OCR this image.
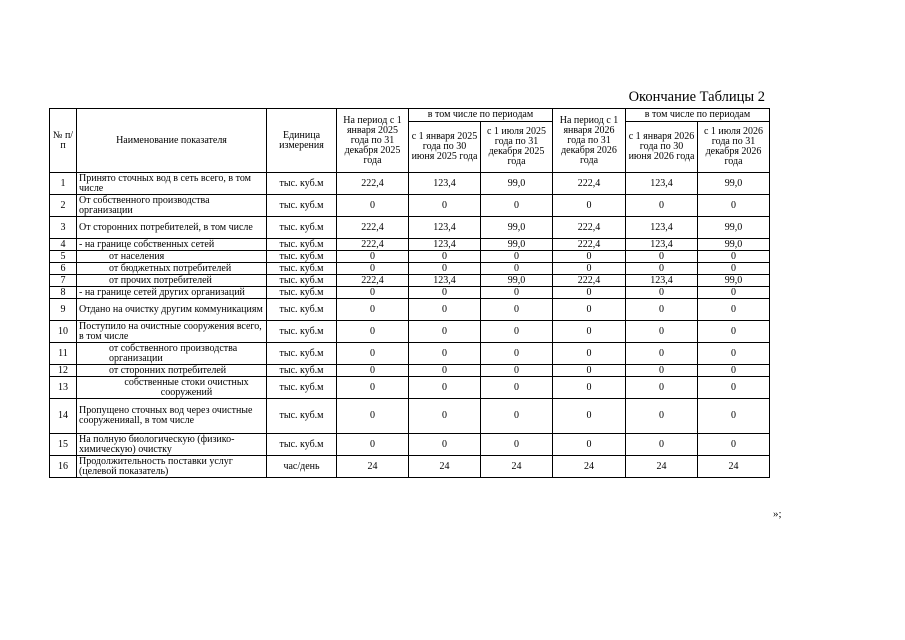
Окончание Таблицы 2
№ п/п	Наименование показателя	Единица измерения	На период с 1 января 2025 года по 31 декабря 2025 года	в том числе по периодам		На период с 1 января 2026 года по 31 декабря 2026 года	в том числе по периодам	
				с 1 января 2025 года по 30 июня 2025 года	с 1 июля 2025 года по 31 декабря 2025 года		с 1 января 2026 года по 30 июня 2026 года	с 1 июля 2026 года по 31 декабря 2026 года
1	Принято сточных вод в сеть всего, в том числе	тыс. куб.м	222,4	123,4	99,0	222,4	123,4	99,0
2	От собственного производства организации	тыс. куб.м	0	0	0	0	0	0
3	От сторонних потребителей, в том числе	тыс. куб.м	222,4	123,4	99,0	222,4	123,4	99,0
4	- на границе собственных сетей	тыс. куб.м	222,4	123,4	99,0	222,4	123,4	99,0
5	от населения	тыс. куб.м	0	0	0	0	0	0
6	от бюджетных потребителей	тыс. куб.м	0	0	0	0	0	0
7	от прочих потребителей	тыс. куб.м	222,4	123,4	99,0	222,4	123,4	99,0
8	- на границе сетей других организаций	тыс. куб.м	0	0	0	0	0	0
9	Отдано на очистку другим коммуникациям	тыс. куб.м	0	0	0	0	0	0
10	Поступило на очистные сооружения всего, в том числе	тыс. куб.м	0	0	0	0	0	0
11	от собственного производства организации	тыс. куб.м	0	0	0	0	0	0
12	от сторонних потребителей	тыс. куб.м	0	0	0	0	0	0
13	собственные стоки очистных сооружений	тыс. куб.м	0	0	0	0	0	0
14	Пропущено сточных вод через очистные сооруженияall, в том числе	тыс. куб.м	0	0	0	0	0	0
15	На полную биологическую (физико-химическую) очистку	тыс. куб.м	0	0	0	0	0	0
16	Продолжительность поставки услуг (целевой показатель)	час/день	24	24	24	24	24	24
»;
